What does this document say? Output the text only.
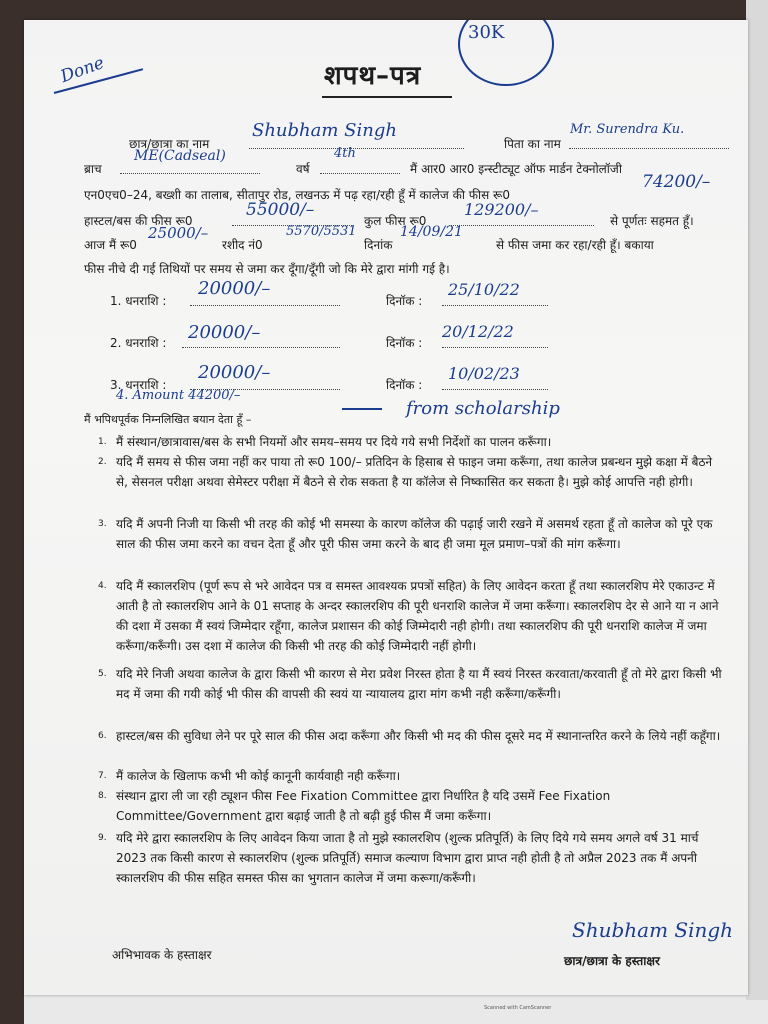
30K
Done	शपथ–पत्र
छात्र/छात्रा का नाम
Shubham Singh
पिता का नाम
Mr. Surendra Ku.
ब्राच
ME(Cadseal)
वर्ष
4th
मैं आर0 आर0 इन्स्टीट्यूट ऑफ मार्डन टेक्नोलॉजी
एन0एच0–24, बख्शी का तालाब, सीतापुर रोड, लखनऊ में पढ़ रहा/रही हूँ में कालेज की फीस रू0
74200/–
हास्टल/बस की फीस रू0
55000/–
कुल फीस रू0
129200/–
से पूर्णतः सहमत हूँ।
आज मैं रू0
25000/–
रशीद नं0
5570/5531
दिनांक
14/09/21
से फीस जमा कर रहा/रही हूँ। बकाया
फीस नीचे दी गई तिथियों पर समय से जमा कर दूँगा/दूँगी जो कि मेरे द्वारा मांगी गई है।
1. धनराशि :
20000/–
दिनॉक :
25/10/22
2. धनराशि : 20000/–	दिनॉक :
20/12/22
3. धनराशि :
20000/–
दिनॉक :
10/02/23
4. Amount 44200/–
from scholarship
मैं भपिथपूर्वक निम्नलिखित बयान देता हूँ –
1. मैं संस्थान/छात्रावास/बस के सभी नियमों और समय–समय पर दिये गये सभी निर्देशों का पालन करूँगा।
2. यदि मैं समय से फीस जमा नहीं कर पाया तो रू0 100/– प्रतिदिन के हिसाब से फाइन जमा करूँगा, तथा कालेज प्रबन्धन मुझे कक्षा में बैठने से, सेसनल परीक्षा अथवा सेमेस्टर परीक्षा में बैठने से रोक सकता है या कॉलेज से निष्कासित कर सकता है। मुझे कोई आपत्ति नही होगी।
3. यदि मैं अपनी निजी या किसी भी तरह की कोई भी समस्या के कारण कॉलेज की पढ़ाई जारी रखने में असमर्थ रहता हूँ तो कालेज को पूरे एक साल की फीस जमा करने का वचन देता हूँ और पूरी फीस जमा करने के बाद ही जमा मूल प्रमाण–पत्रों की मांग करूँगा।
4. यदि मैं स्कालरशिप (पूर्ण रूप से भरे आवेदन पत्र व समस्त आवश्यक प्रपत्रों सहित) के लिए आवेदन करता हूँ तथा स्कालरशिप मेरे एकाउन्ट में आती है तो स्कालरशिप आने के 01 सप्ताह के अन्दर स्कालरशिप की पूरी धनराशि कालेज में जमा करूँगा। स्कालरशिप देर से आने या न आने की दशा में उसका मैं स्वयं जिम्मेदार रहूँगा, कालेज प्रशासन की कोई जिम्मेदारी नही होगी। तथा स्कालरशिप की पूरी धनराशि कालेज में जमा करूँगा/करूँगी। उस दशा में कालेज की किसी भी तरह की कोई जिम्मेदारी नहीं होगी।
5. यदि मेरे निजी अथवा कालेज के द्वारा किसी भी कारण से मेरा प्रवेश निरस्त होता है या मैं स्वयं निरस्त करवाता/करवाती हूँ तो मेरे द्वारा किसी भी मद में जमा की गयी कोई भी फीस की वापसी की स्वयं या न्यायालय द्वारा मांग कभी नही करूँगा/करूँगी।
6. हास्टल/बस की सुविधा लेने पर पूरे साल की फीस अदा करूँगा और किसी भी मद की फीस दूसरे मद में स्थानान्तरित करने के लिये नहीं कहूँगा।
7. मैं कालेज के खिलाफ कभी भी कोई कानूनी कार्यवाही नही करूँगा।
8. संस्थान द्वारा ली जा रही ट्यूशन फीस Fee Fixation Committee द्वारा निर्धारित है यदि उसमें Fee Fixation Committee/Government द्वारा बढ़ाई जाती है तो बढ़ी हुई फीस मैं जमा करूँगा।
9. यदि मेरे द्वारा स्कालरशिप के लिए आवेदन किया जाता है तो मुझे स्कालरशिप (शुल्क प्रतिपूर्ति) के लिए दिये गये समय अगले वर्ष 31 मार्च 2023 तक किसी कारण से स्कालरशिप (शुल्क प्रतिपूर्ति) समाज कल्याण विभाग द्वारा प्राप्त नही होती है तो अप्रैल 2023 तक मैं अपनी स्कालरशिप की फीस सहित समस्त फीस का भुगतान कालेज में जमा करूगा/करूँगी।
अभिभावक के हस्ताक्षर
Shubham Singh
छात्र/छात्रा के हस्ताक्षर
Scanned with CamScanner
